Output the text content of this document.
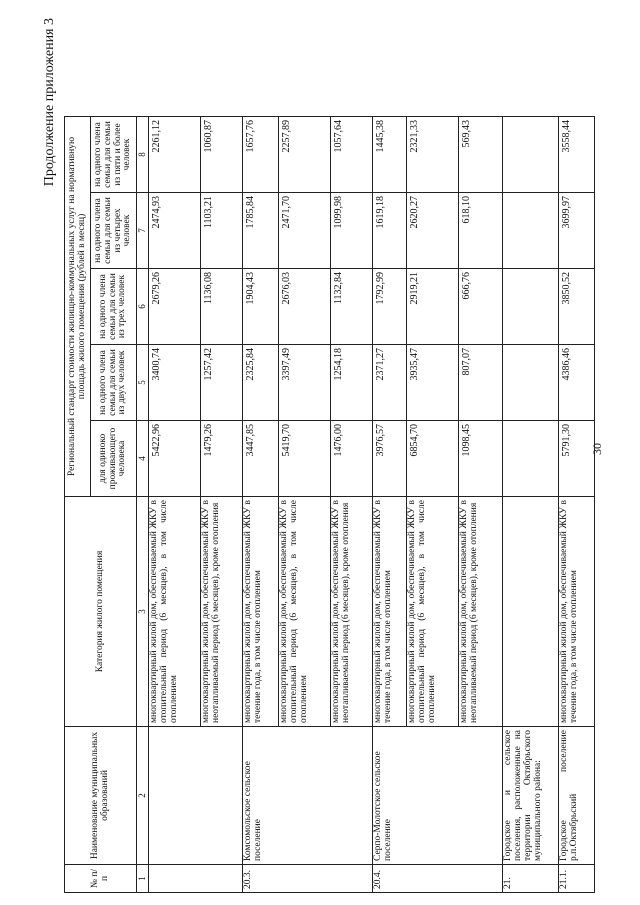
30
Продолжение приложения 3
№ п/п	Наименование муниципальных образований	Категория жилого помещения	Региональный стандарт стоимости жилищно-коммунальных услуг на нормативную площадь жилого помещения (рублей в месяц)				
			для одиноко проживающего человека	на одного члена семьи для семьи из двух человек	на одного члена семьи для семьи из трех человек	на одного члена семьи для семьи из четырех человек	на одного члена семьи для семьи из пяти и более человек
1	2	3	4	5	6	7	8
		многоквартирный жилой дом, обеспечиваемый ЖКУ в отопительный период (6 месяцев), в том числе отоплением	5422,96	3400,74	2679,26	2474,93	2261,12
		многоквартирный жилой дом, обеспечиваемый ЖКУ в неотапливаемый период (6 месяцев), кроме отопления	1479,26	1257,42	1136,08	1103,21	1060,87
20.3.	Комсомольское сельское поселение	многоквартирный жилой дом, обеспечиваемый ЖКУ в течение года, в том числе отоплением	3447,85	2325,84	1904,43	1785,84	1657,76
		многоквартирный жилой дом, обеспечиваемый ЖКУ в отопительный период (6 месяцев), в том числе отоплением	5419,70	3397,49	2676,03	2471,70	2257,89
		многоквартирный жилой дом, обеспечиваемый ЖКУ в неотапливаемый период (6 месяцев), кроме отопления	1476,00	1254,18	1132,84	1099,98	1057,64
20.4.	Серпо-Молотское сельское поселение	многоквартирный жилой дом, обеспечиваемый ЖКУ в течение года, в том числе отоплением	3976,57	2371,27	1792,99	1619,18	1445,38
		многоквартирный жилой дом, обеспечиваемый ЖКУ в отопительный период (6 месяцев), в том числе отоплением	6854,70	3935,47	2919,21	2620,27	2321,33
		многоквартирный жилой дом, обеспечиваемый ЖКУ в неотапливаемый период (6 месяцев), кроме отопления	1098,45	807,07	666,76	618,10	569,43
21.	Городское и сельское поселения, расположенные на территории Октябрьского муниципального района:						
21.1.	Городское поселение р.п.Октябрьский	многоквартирный жилой дом, обеспечиваемый ЖКУ в течение года, в том числе отоплением	5791,30	4386,46	3850,52	3699,97	3558,44
